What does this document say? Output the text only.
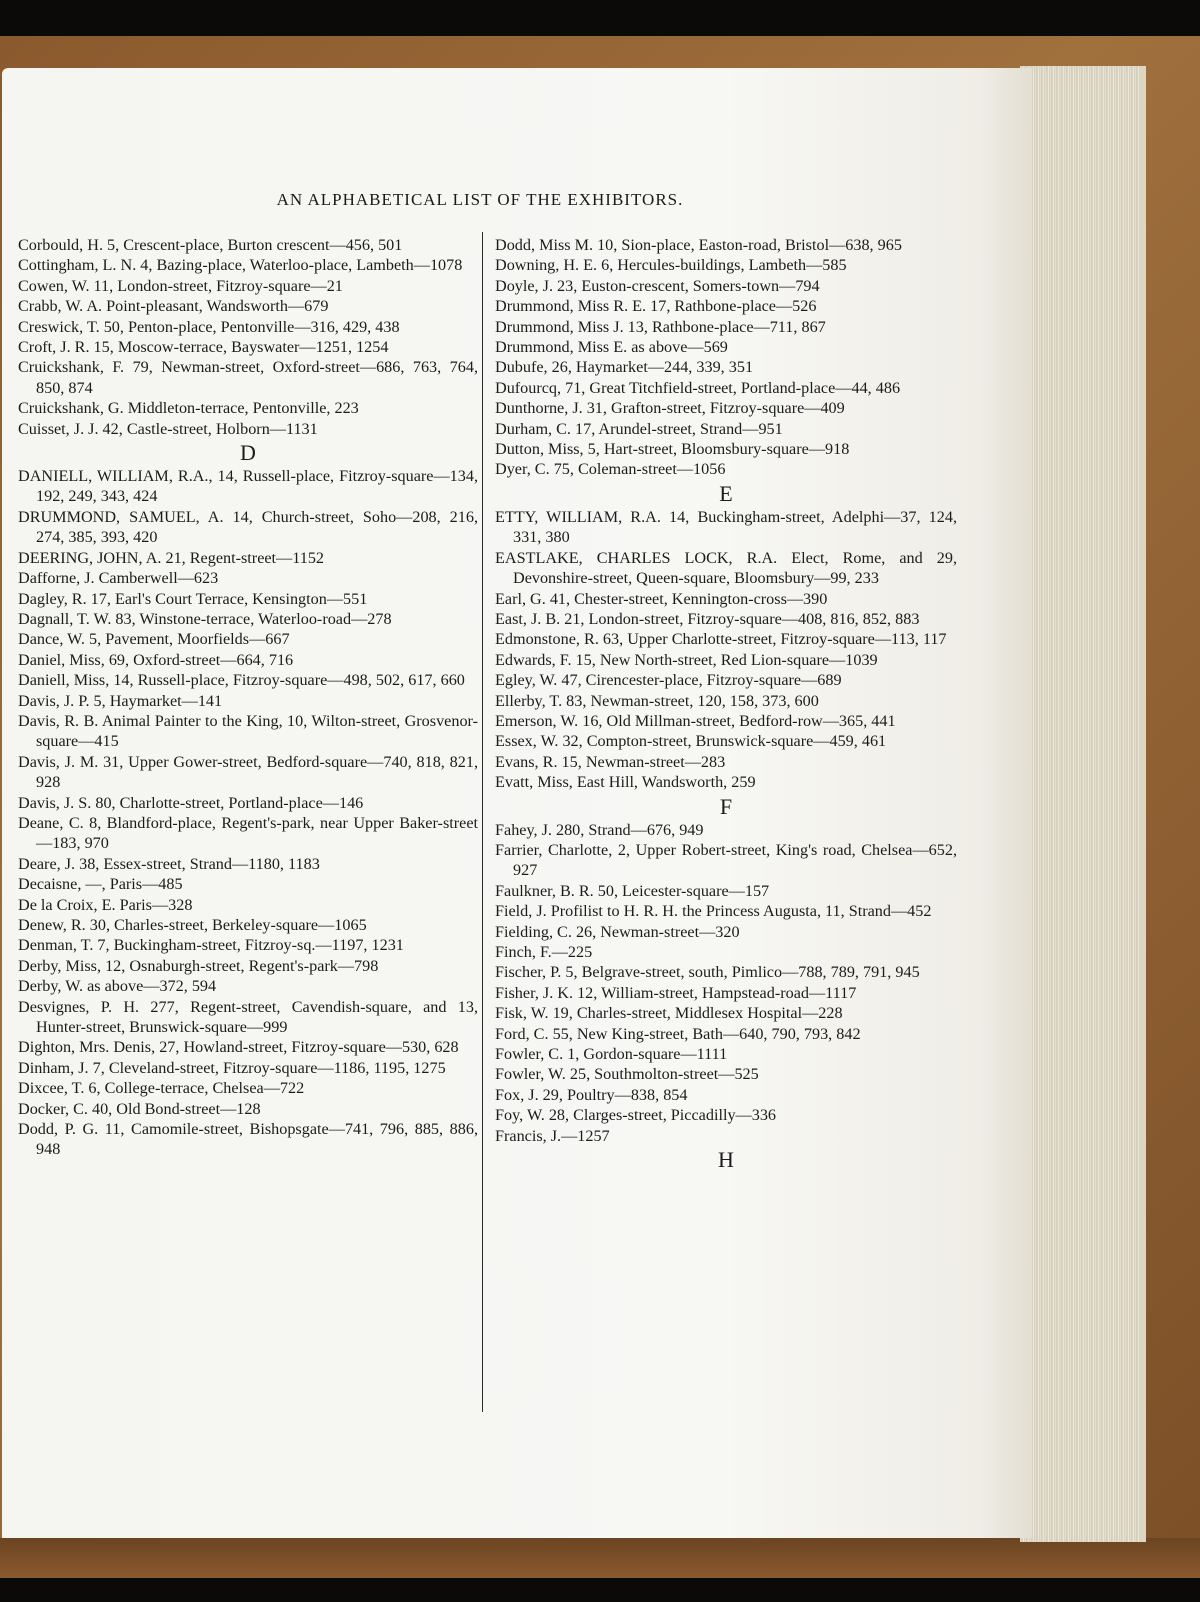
AN ALPHABETICAL LIST OF THE EXHIBITORS.

Corbould, H. 5, Crescent-place, Burton crescent—456, 501

Cottingham, L. N. 4, Bazing-place, Waterloo-place, Lambeth—1078

Cowen, W. 11, London-street, Fitzroy-square—21

Crabb, W. A. Point-pleasant, Wandsworth—679

Creswick, T. 50, Penton-place, Pentonville—316, 429, 438

Croft, J. R. 15, Moscow-terrace, Bayswater—1251, 1254

Cruickshank, F. 79, Newman-street, Oxford-street—686, 763, 764, 850, 874

Cruickshank, G. Middleton-terrace, Pentonville, 223

Cuisset, J. J. 42, Castle-street, Holborn—1131

D

DANIELL, WILLIAM, R.A., 14, Russell-place, Fitzroy-square—134, 192, 249, 343, 424

DRUMMOND, SAMUEL, A. 14, Church-street, Soho—208, 216, 274, 385, 393, 420

DEERING, JOHN, A. 21, Regent-street—1152

Dafforne, J. Camberwell—623

Dagley, R. 17, Earl's Court Terrace, Kensington—551

Dagnall, T. W. 83, Winstone-terrace, Waterloo-road—278

Dance, W. 5, Pavement, Moorfields—667

Daniel, Miss, 69, Oxford-street—664, 716

Daniell, Miss, 14, Russell-place, Fitzroy-square—498, 502, 617, 660

Davis, J. P. 5, Haymarket—141

Davis, R. B. Animal Painter to the King, 10, Wilton-street, Grosvenor-square—415

Davis, J. M. 31, Upper Gower-street, Bedford-square—740, 818, 821, 928

Davis, J. S. 80, Charlotte-street, Portland-place—146

Deane, C. 8, Blandford-place, Regent's-park, near Upper Baker-street—183, 970

Deare, J. 38, Essex-street, Strand—1180, 1183

Decaisne, —, Paris—485

De la Croix, E. Paris—328

Denew, R. 30, Charles-street, Berkeley-square—1065

Denman, T. 7, Buckingham-street, Fitzroy-sq.—1197, 1231

Derby, Miss, 12, Osnaburgh-street, Regent's-park—798

Derby, W. as above—372, 594

Desvignes, P. H. 277, Regent-street, Cavendish-square, and 13, Hunter-street, Brunswick-square—999

Dighton, Mrs. Denis, 27, Howland-street, Fitzroy-square—530, 628

Dinham, J. 7, Cleveland-street, Fitzroy-square—1186, 1195, 1275

Dixcee, T. 6, College-terrace, Chelsea—722

Docker, C. 40, Old Bond-street—128

Dodd, P. G. 11, Camomile-street, Bishopsgate—741, 796, 885, 886, 948

Dodd, Miss M. 10, Sion-place, Easton-road, Bristol—638, 965

Downing, H. E. 6, Hercules-buildings, Lambeth—585

Doyle, J. 23, Euston-crescent, Somers-town—794

Drummond, Miss R. E. 17, Rathbone-place—526

Drummond, Miss J. 13, Rathbone-place—711, 867

Drummond, Miss E. as above—569

Dubufe, 26, Haymarket—244, 339, 351

Dufourcq, 71, Great Titchfield-street, Portland-place—44, 486

Dunthorne, J. 31, Grafton-street, Fitzroy-square—409

Durham, C. 17, Arundel-street, Strand—951

Dutton, Miss, 5, Hart-street, Bloomsbury-square—918

Dyer, C. 75, Coleman-street—1056

E

ETTY, WILLIAM, R.A. 14, Buckingham-street, Adelphi—37, 124, 331, 380

EASTLAKE, CHARLES LOCK, R.A. Elect, Rome, and 29, Devonshire-street, Queen-square, Bloomsbury—99, 233

Earl, G. 41, Chester-street, Kennington-cross—390

East, J. B. 21, London-street, Fitzroy-square—408, 816, 852, 883

Edmonstone, R. 63, Upper Charlotte-street, Fitzroy-square—113, 117

Edwards, F. 15, New North-street, Red Lion-square—1039

Egley, W. 47, Cirencester-place, Fitzroy-square—689

Ellerby, T. 83, Newman-street, 120, 158, 373, 600

Emerson, W. 16, Old Millman-street, Bedford-row—365, 441

Essex, W. 32, Compton-street, Brunswick-square—459, 461

Evans, R. 15, Newman-street—283

Evatt, Miss, East Hill, Wandsworth, 259

F

Fahey, J. 280, Strand—676, 949

Farrier, Charlotte, 2, Upper Robert-street, King's road, Chelsea—652, 927

Faulkner, B. R. 50, Leicester-square—157

Field, J. Profilist to H. R. H. the Princess Augusta, 11, Strand—452

Fielding, C. 26, Newman-street—320

Finch, F.—225

Fischer, P. 5, Belgrave-street, south, Pimlico—788, 789, 791, 945

Fisher, J. K. 12, William-street, Hampstead-road—1117

Fisk, W. 19, Charles-street, Middlesex Hospital—228

Ford, C. 55, New King-street, Bath—640, 790, 793, 842

Fowler, C. 1, Gordon-square—1111

Fowler, W. 25, Southmolton-street—525

Fox, J. 29, Poultry—838, 854

Foy, W. 28, Clarges-street, Piccadilly—336

Francis, J.—1257

H
